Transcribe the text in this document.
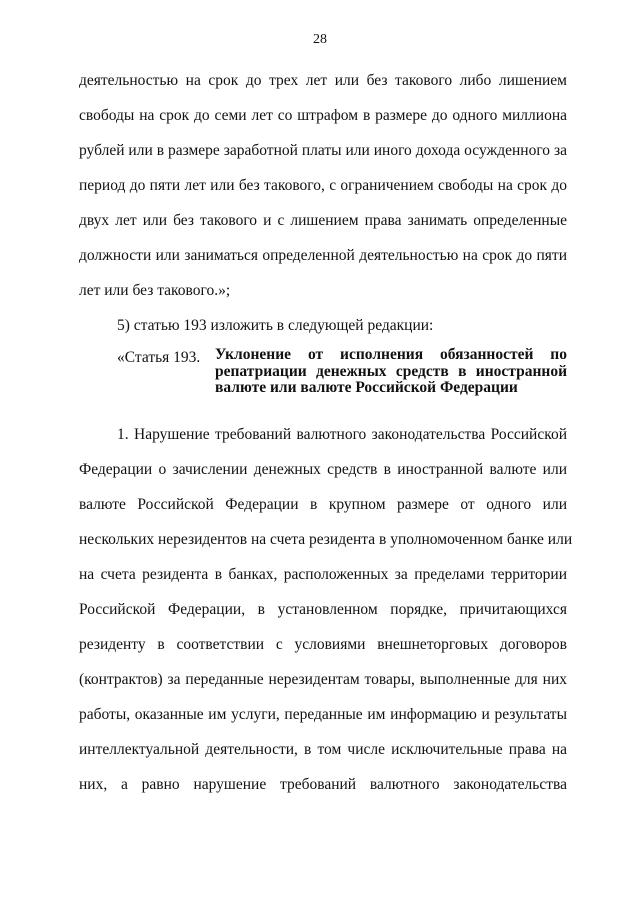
28
деятельностью на срок до трех лет или без такового либо лишением
свободы на срок до семи лет со штрафом в размере до одного миллиона
рублей или в размере заработной платы или иного дохода осужденного за
период до пяти лет или без такового, с ограничением свободы на срок до
двух лет или без такового и с лишением права занимать определенные
должности или заниматься определенной деятельностью на срок до пяти
лет или без такового.»;
5) статью 193 изложить в следующей редакции:
«Статья 193. Уклонение от исполнения обязанностей по
репатриации денежных средств в иностранной
валюте или валюте Российской Федерации
1. Нарушение требований валютного законодательства Российской
Федерации о зачислении денежных средств в иностранной валюте или
валюте Российской Федерации в крупном размере от одного или
нескольких нерезидентов на счета резидента в уполномоченном банке или
на счета резидента в банках, расположенных за пределами территории
Российской Федерации, в установленном порядке, причитающихся
резиденту в соответствии с условиями внешнеторговых договоров
(контрактов) за переданные нерезидентам товары, выполненные для них
работы, оказанные им услуги, переданные им информацию и результаты
интеллектуальной деятельности, в том числе исключительные права на
них, а равно нарушение требований валютного законодательства
